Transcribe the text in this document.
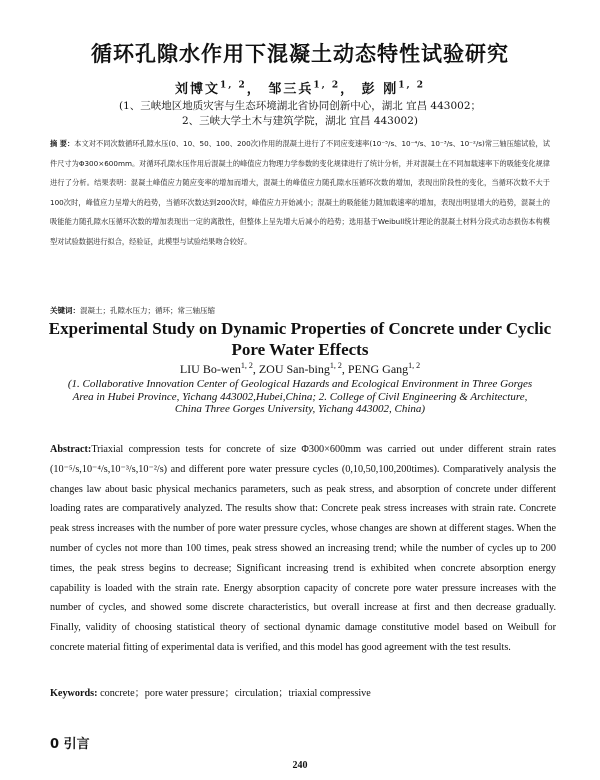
循环孔隙水作用下混凝土动态特性试验研究
刘博文$^{1, 2}$， 邹三兵$^{1, 2}$， 彭 刚$^{1, 2}$
(1、三峡地区地质灾害与生态环境湖北省协同创新中心，湖北 宜昌 443002；
2、三峡大学土木与建筑学院，湖北 宜昌 443002)
摘 要：本文对不同次数循环孔隙水压(0、10、50、100、200次)作用的混凝土进行了不同应变速率(10⁻⁵/s、10⁻⁴/s、10⁻³/s、10⁻²/s)常三轴压缩试验，试件尺寸为Φ300×600mm。对循环孔隙水压作用后混凝土的峰值应力物理力学参数的变化规律进行了统计分析，并对混凝土在不同加载速率下的吸能变化规律进行了分析。结果表明：混凝土峰值应力随应变率的增加而增大，混凝土的峰值应力随孔隙水压循环次数的增加，表现出阶段性的变化，当循环次数不大于100次时，峰值应力呈增大的趋势，当循环次数达到200次时，峰值应力开始减小；混凝土的吸能能力随加载速率的增加，表现出明显增大的趋势，混凝土的吸能能力随孔隙水压循环次数的增加表现出一定的离散性，但整体上呈先增大后减小的趋势；选用基于Weibull统计理论的混凝土材料分段式动态损伤本构模型对试验数据进行拟合，经验证，此模型与试验结果吻合较好。
关键词：混凝土；孔隙水压力；循环；常三轴压缩
Experimental Study on Dynamic Properties of Concrete under Cyclic
Pore Water Effects
LIU Bo-wen$^{1, 2}$, ZOU San-bing$^{1, 2}$, PENG Gang$^{1, 2}$
(1. Collaborative Innovation Center of Geological Hazards and Ecological Environment in Three Gorges Area in Hubei Province, Yichang 443002,Hubei,China; 2. College of Civil Engineering & Architecture, China Three Gorges University, Yichang 443002, China)
Abstract:Triaxial compression tests for concrete of size Φ300×600mm was carried out under different strain rates (10⁻⁵/s,10⁻⁴/s,10⁻³/s,10⁻²/s) and different pore water pressure cycles (0,10,50,100,200times). Comparatively analysis the changes law about basic physical mechanics parameters, such as peak stress, and absorption of concrete under different loading rates are comparatively analyzed. The results show that: Concrete peak stress increases with strain rate. Concrete peak stress increases with the number of pore water pressure cycles, whose changes are shown at different stages. When the number of cycles not more than 100 times, peak stress showed an increasing trend; while the number of cycles up to 200 times, the peak stress begins to decrease; Significant increasing trend is exhibited when concrete absorption energy capability is loaded with the strain rate. Energy absorption capacity of concrete pore water pressure increases with the number of cycles, and showed some discrete characteristics, but overall increase at first and then decrease gradually. Finally, validity of choosing statistical theory of sectional dynamic damage constitutive model based on Weibull for concrete material fitting of experimental data is verified, and this model has good agreement with the test results.
Keywords: concrete；pore water pressure；circulation；triaxial compressive
0 引言
240
